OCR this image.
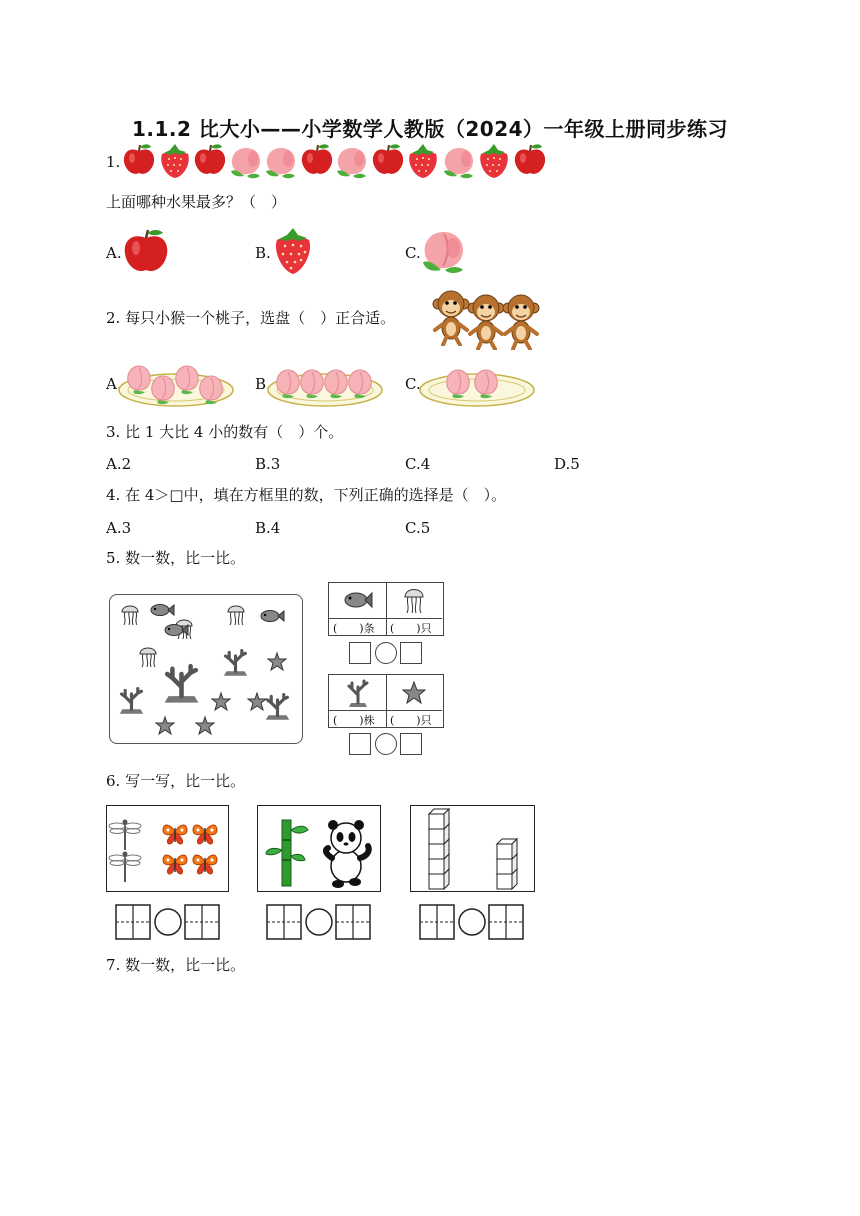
1.1.2 比大小——小学数学人教版（2024）一年级上册同步练习
1.
上面哪种水果最多？（　）
A.	B.	C.
2. 每只小猴一个桃子，选盘（　）正合适。
A.	B.	C.
3. 比 1 大比 4 小的数有（　）个。
A.2	B.3	C.4	D.5
4. 在 4＞□中，填在方框里的数，下列正确的选择是（　）。
A.3	B.4	C.5
5. 数一数，比一比。
(　　)条 (　　)只
(　　)株 (　　)只
6. 写一写，比一比。
7. 数一数，比一比。
